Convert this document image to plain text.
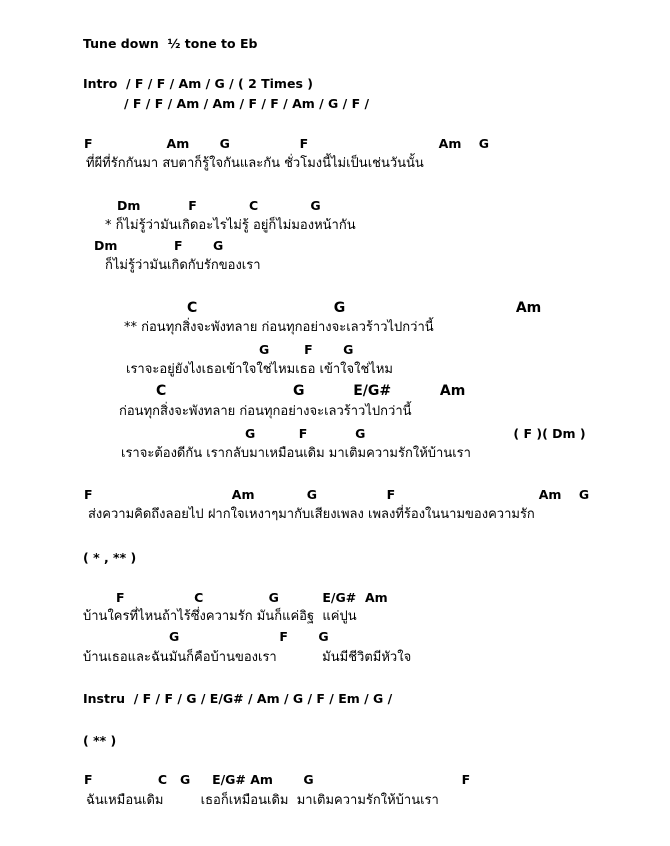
Tune down  ½ tone to Eb
Intro  / F / F / Am / G / ( 2 Times )
/ F / F / Am / Am / F / F / Am / G / F /
F                 Am       G                F                              Am    G
ที่ผีที่รักกันมา สบตาก็รู้ใจกันและกัน ชั่วโมงนี้ไม่เป็นเช่นวันนั้น
Dm           F            C            G
* ก็ไม่รู้ว่ามันเกิดอะไรไม่รู้ อยู่ก็ไม่มองหน้ากัน
Dm             F       G
ก็ไม่รู้ว่ามันเกิดกับรักของเรา
C                            G                                   Am
** ก่อนทุกสิ่งจะพังทลาย ก่อนทุกอย่างจะเลวร้าวไปกว่านี้
G        F       G
เราจะอยู่ยังไงเธอเข้าใจใช่ไหมเธอ เข้าใจใช่ไหม
C                          G          E/G#          Am
ก่อนทุกสิ่งจะพังทลาย ก่อนทุกอย่างจะเลวร้าวไปกว่านี้
G          F           G                                  ( F )( Dm )
เราจะต้องดีกัน เรากลับมาเหมือนเดิม มาเติมความรักให้บ้านเรา
F                                Am            G                F                                 Am    G
ส่งความคิดถึงลอยไป ฝากใจเหงาๆมากับเสียงเพลง เพลงที่ร้องในนามของความรัก
( * , ** )
F                C               G          E/G#  Am
บ้านใครที่ไหนถ้าไร้ซึ่งความรัก มันก็แค่อิฐ  แค่ปูน
G                       F       G
บ้านเธอและฉันมันก็คือบ้านของเรา           มันมีชีวิตมีหัวใจ
Instru  / F / F / G / E/G# / Am / G / F / Em / G /
( ** )
F               C   G     E/G# Am       G                                  F
ฉันเหมือนเดิม         เธอก็เหมือนเดิม  มาเติมความรักให้บ้านเรา
